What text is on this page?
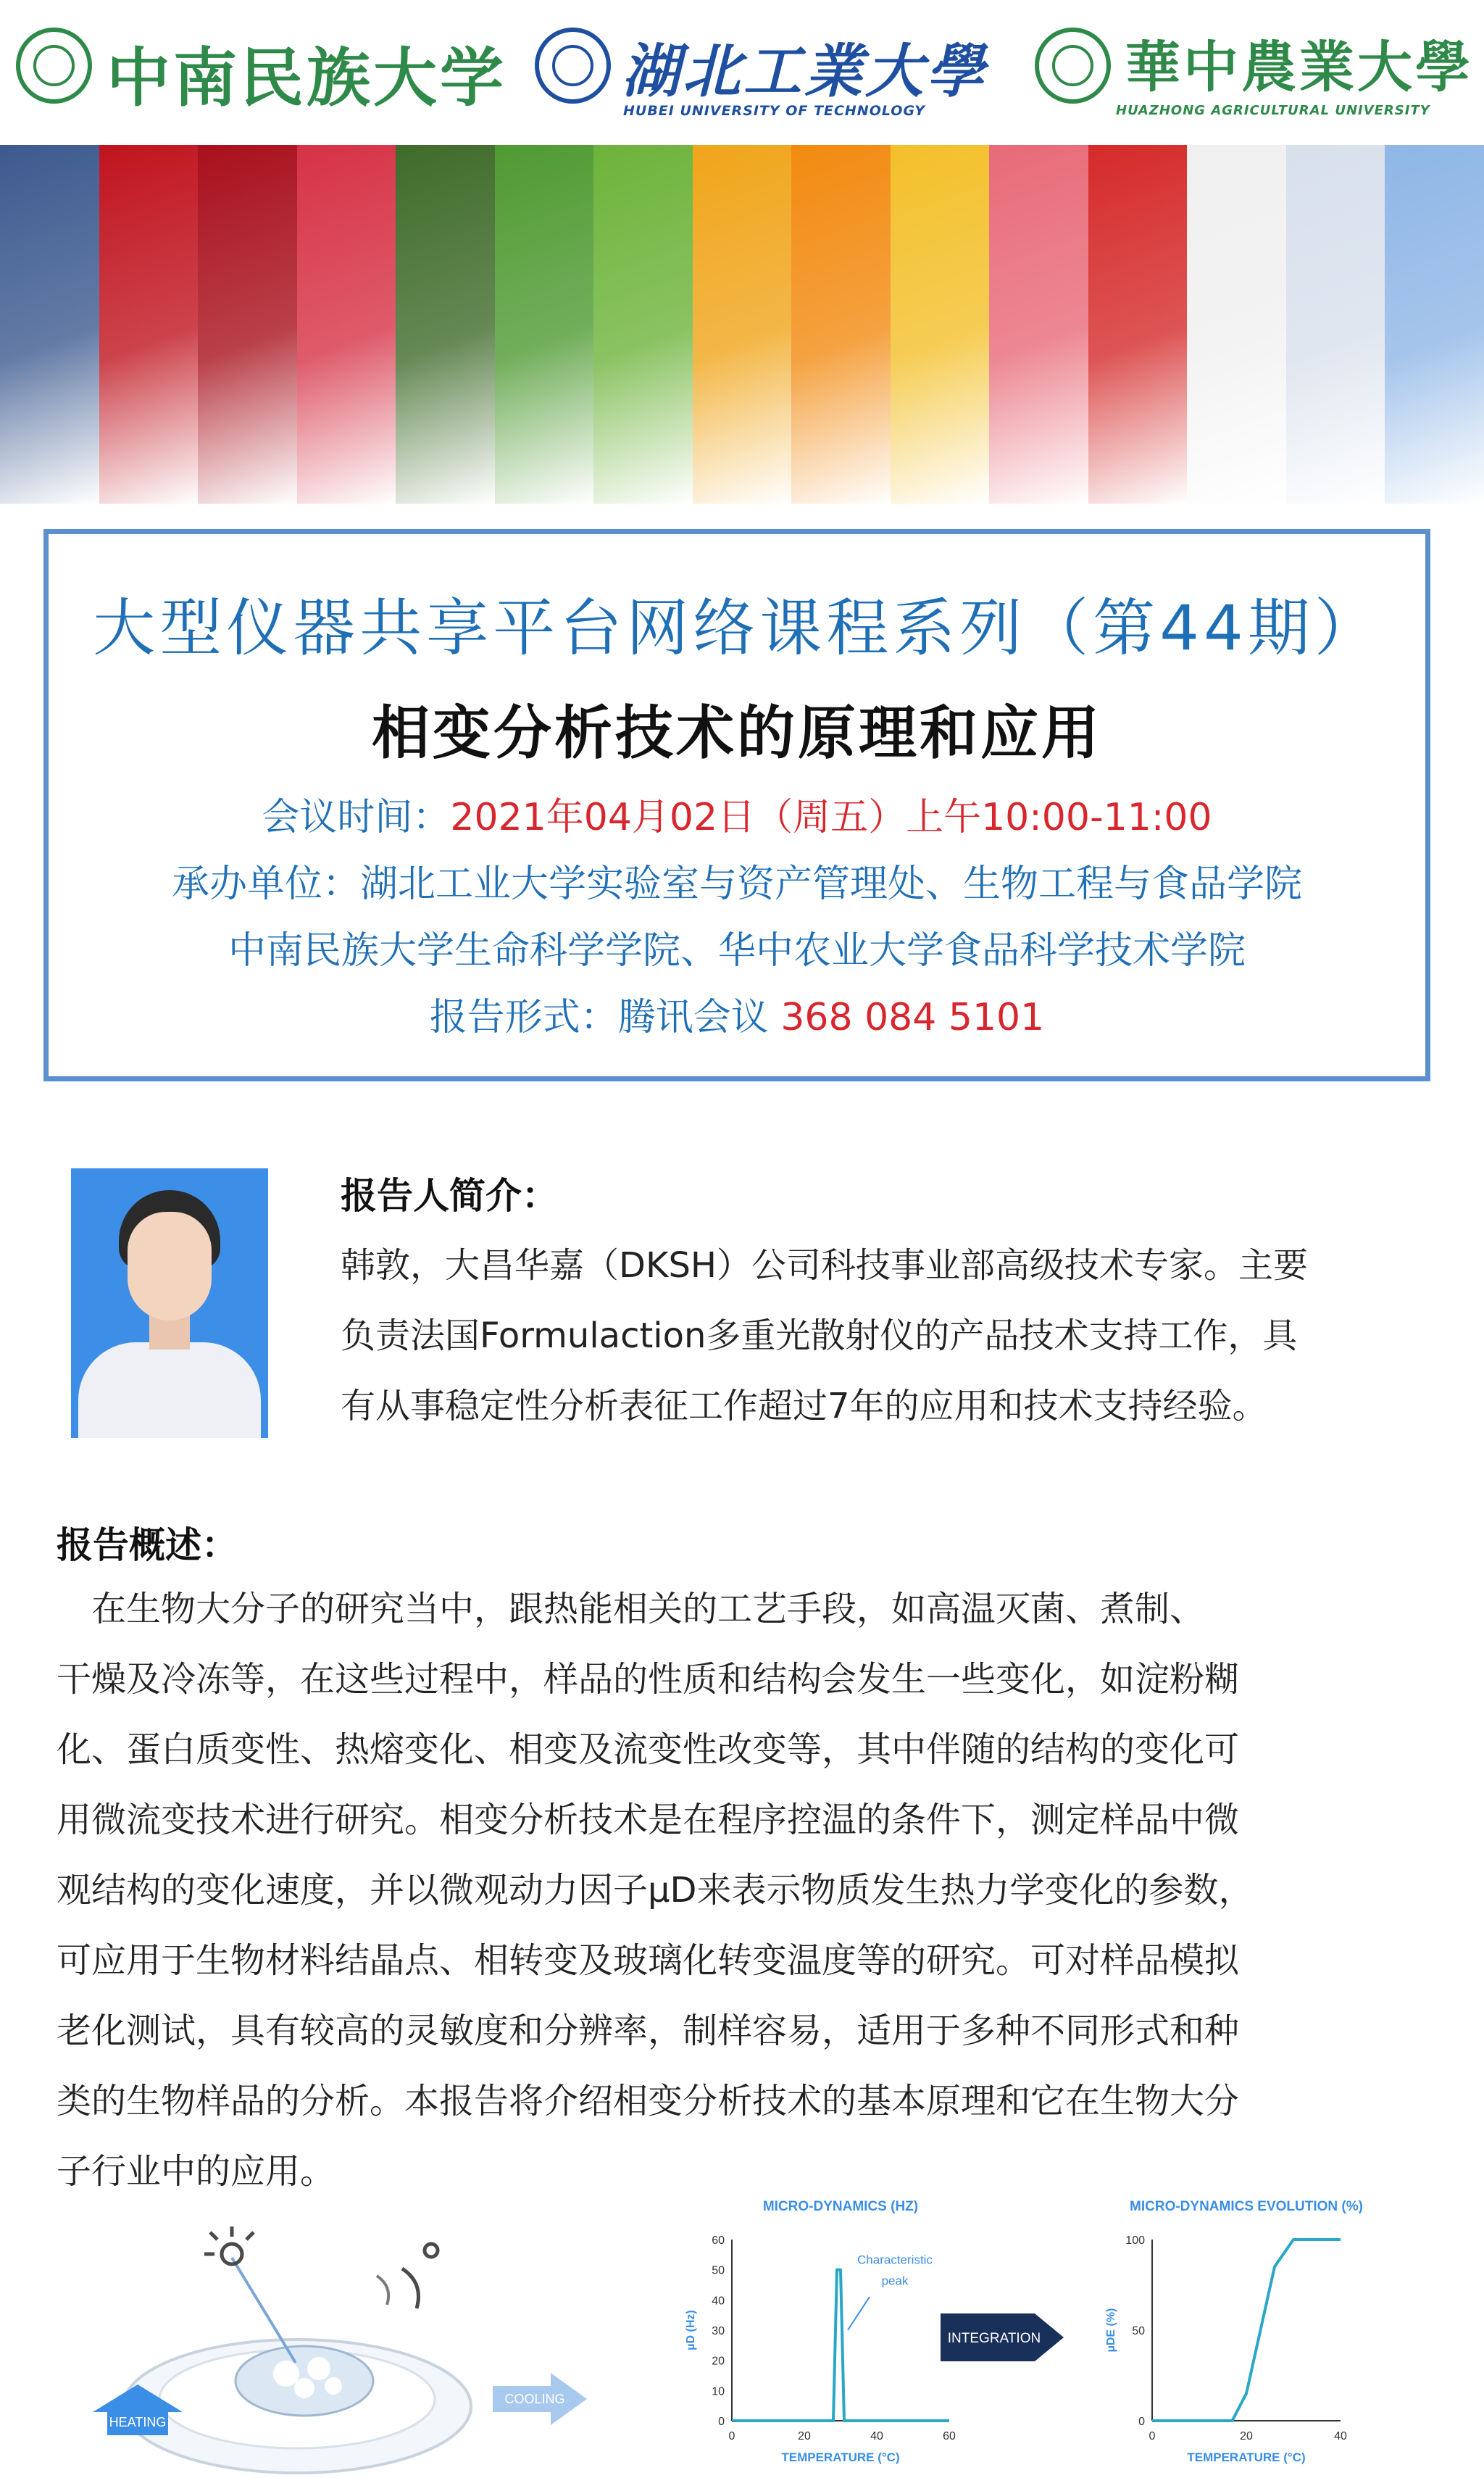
中南民族大学 湖北工業大學
HUBEI UNIVERSITY OF TECHNOLOGY
華中農業大學
HUAZHONG AGRICULTURAL UNIVERSITY
大型仪器共享平台网络课程系列（第44期）
相变分析技术的原理和应用
会议时间：2021年04月02日（周五）上午10:00-11:00
承办单位：湖北工业大学实验室与资产管理处、生物工程与食品学院
中南民族大学生命科学学院、华中农业大学食品科学技术学院
报告形式：腾讯会议 368 084 5101
报告人简介：

韩敦，大昌华嘉（DKSH）公司科技事业部高级技术专家。主要

负责法国Formulaction多重光散射仪的产品技术支持工作，具

有从事稳定性分析表征工作超过7年的应用和技术支持经验。

报告概述：

　在生物大分子的研究当中，跟热能相关的工艺手段，如高温灭菌、煮制、

干燥及冷冻等，在这些过程中，样品的性质和结构会发生一些变化，如淀粉糊

化、蛋白质变性、热熔变化、相变及流变性改变等，其中伴随的结构的变化可

用微流变技术进行研究。相变分析技术是在程序控温的条件下，测定样品中微

观结构的变化速度，并以微观动力因子μD来表示物质发生热力学变化的参数，

可应用于生物材料结晶点、相转变及玻璃化转变温度等的研究。可对样品模拟

老化测试，具有较高的灵敏度和分辨率，制样容易，适用于多种不同形式和种

类的生物样品的分析。本报告将介绍相变分析技术的基本原理和它在生物大分

子行业中的应用。

HEATING
COOLING
INTEGRATION
MICRO-DYNAMICS (HZ)
0
10
20
30
40
50
60
0	20	40	60
TEMPERATURE (°C)
µD (Hz)
Characteristic
peak
MICRO-DYNAMICS EVOLUTION (%)
0
50
100
0	20	40
TEMPERATURE (°C)
µDE (%)
